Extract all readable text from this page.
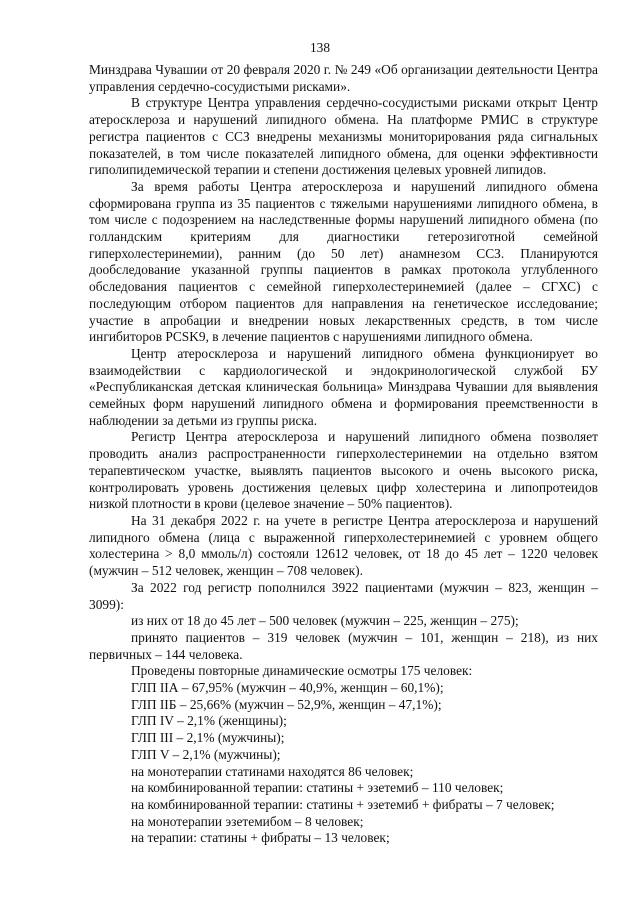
138

Минздрава Чувашии от 20 февраля 2020 г. № 249 «Об организации деятельности Центра управления сердечно-сосудистыми рисками».

В структуре Центра управления сердечно-сосудистыми рисками открыт Центр атеросклероза и нарушений липидного обмена. На платформе РМИС в структуре регистра пациентов с ССЗ внедрены механизмы мониторирования ряда сигнальных показателей, в том числе показателей липидного обмена, для оценки эффективности гиполипидемической терапии и степени достижения целевых уровней липидов.

За время работы Центра атеросклероза и нарушений липидного обмена сформирована группа из 35 пациентов с тяжелыми нарушениями липидного обмена, в том числе с подозрением на наследственные формы нарушений липидного обмена (по голландским критериям для диагностики гетерозиготной семейной гиперхолестеринемии), ранним (до 50 лет) анамнезом ССЗ. Планируются дообследование указанной группы пациентов в рамках протокола углубленного обследования пациентов с семейной гиперхолестеринемией (далее – СГХС) с последующим отбором пациентов для направления на генетическое исследование; участие в апробации и внедрении новых лекарственных средств, в том числе ингибиторов PCSK9, в лечение пациентов с нарушениями липидного обмена.

Центр атеросклероза и нарушений липидного обмена функционирует во взаимодействии с кардиологической и эндокринологической службой БУ «Республиканская детская клиническая больница» Минздрава Чувашии для выявления семейных форм нарушений липидного обмена и формирования преемственности в наблюдении за детьми из группы риска.

Регистр Центра атеросклероза и нарушений липидного обмена позволяет проводить анализ распространенности гиперхолестеринемии на отдельно взятом терапевтическом участке, выявлять пациентов высокого и очень высокого риска, контролировать уровень достижения целевых цифр холестерина и липопротеидов низкой плотности в крови (целевое значение – 50% пациентов).

На 31 декабря 2022 г. на учете в регистре Центра атеросклероза и нарушений липидного обмена (лица с выраженной гиперхолестеринемией с уровнем общего холестерина > 8,0 ммоль/л) состояли 12612 человек, от 18 до 45 лет – 1220 человек (мужчин – 512 человек, женщин – 708 человек).

За 2022 год регистр пополнился 3922 пациентами (мужчин – 823, женщин – 3099):

из них от 18 до 45 лет – 500 человек (мужчин – 225, женщин – 275);

принято пациентов – 319 человек (мужчин – 101, женщин – 218), из них первичных – 144 человека.

Проведены повторные динамические осмотры 175 человек:

ГЛП IIА – 67,95% (мужчин – 40,9%, женщин – 60,1%);

ГЛП IIБ – 25,66% (мужчин – 52,9%, женщин – 47,1%);

ГЛП IV – 2,1% (женщины);

ГЛП III – 2,1% (мужчины);

ГЛП V – 2,1% (мужчины);

на монотерапии статинами находятся 86 человек;

на комбинированной терапии: статины + эзетемиб – 110 человек;

на комбинированной терапии: статины + эзетемиб + фибраты – 7 человек;

на монотерапии эзетемибом – 8 человек;

на терапии: статины + фибраты – 13 человек;
